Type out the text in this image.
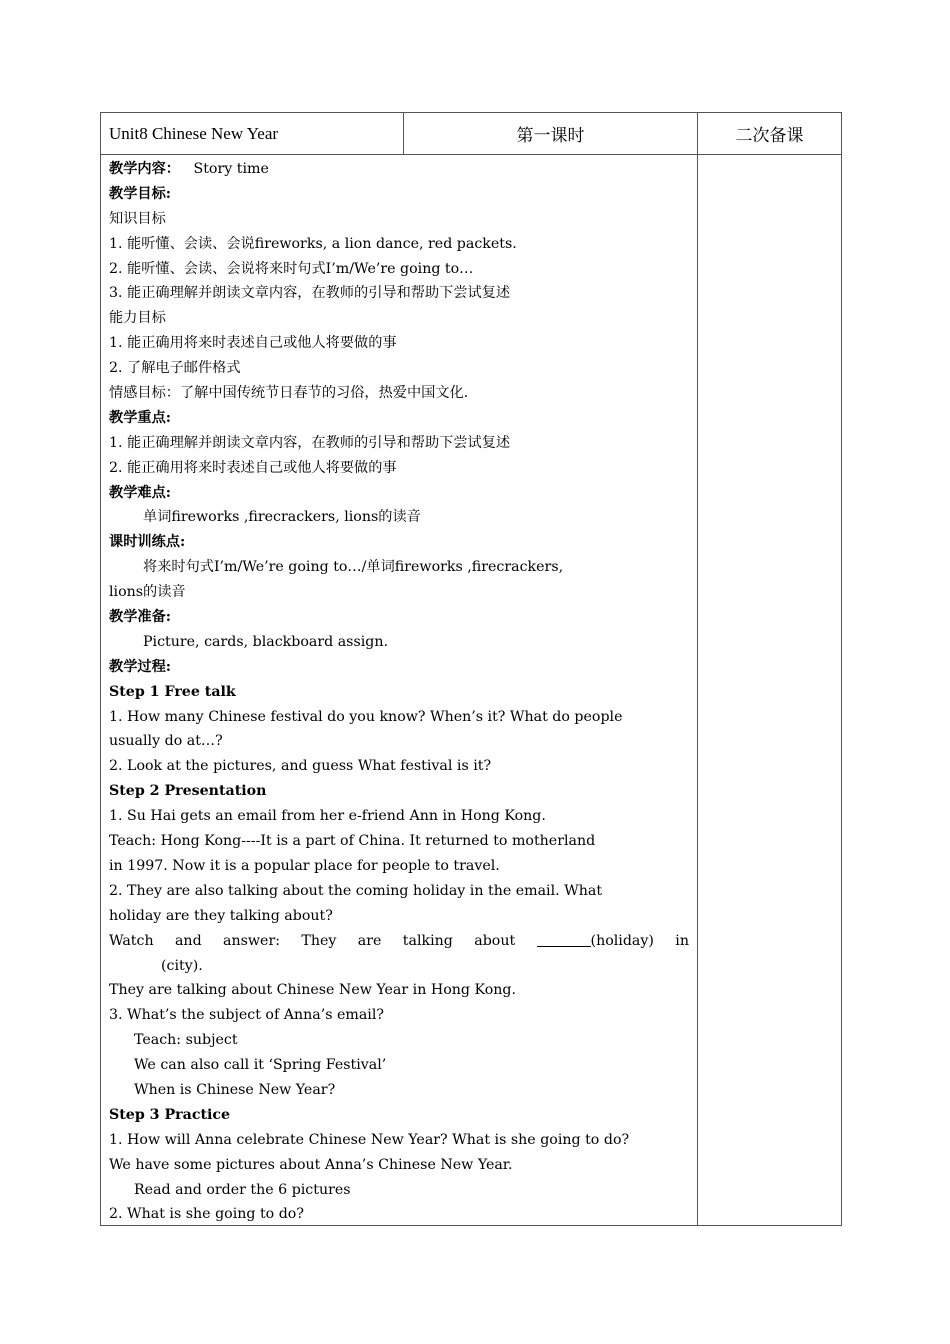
Unit8 Chinese New Year	第一课时	二次备课
教学内容： Story time
教学目标:
知识目标
1. 能听懂、会读、会说fireworks, a lion dance, red packets.
2. 能听懂、会读、会说将来时句式I’m/We’re going to…
3. 能正确理解并朗读文章内容，在教师的引导和帮助下尝试复述
能力目标
1. 能正确用将来时表述自己或他人将要做的事
2. 了解电子邮件格式
情感目标：了解中国传统节日春节的习俗，热爱中国文化.
教学重点:
1. 能正确理解并朗读文章内容，在教师的引导和帮助下尝试复述
2. 能正确用将来时表述自己或他人将要做的事
教学难点:
单词fireworks ,firecrackers, lions的读音
课时训练点:
将来时句式I’m/We’re going to…/单词fireworks ,firecrackers,
lions的读音
教学准备:
Picture, cards, blackboard assign.
教学过程:
Step 1 Free talk
1. How many Chinese festival do you know? When’s it? What do people
usually do at…?
2. Look at the pictures, and guess What festival is it?
Step 2 Presentation
1. Su Hai gets an email from her e-friend Ann in Hong Kong.
Teach: Hong Kong----It is a part of China. It returned to motherland
in 1997. Now it is a popular place for people to travel.
2. They are also talking about the coming holiday in the email. What
holiday are they talking about?
Watch and answer: They are talking about	(holiday) in
(city).
They are talking about Chinese New Year in Hong Kong.
3. What’s the subject of Anna’s email?
Teach: subject
We can also call it ‘Spring Festival’
When is Chinese New Year?
Step 3 Practice
1. How will Anna celebrate Chinese New Year? What is she going to do?
We have some pictures about Anna’s Chinese New Year.
Read and order the 6 pictures
2. What is she going to do?
